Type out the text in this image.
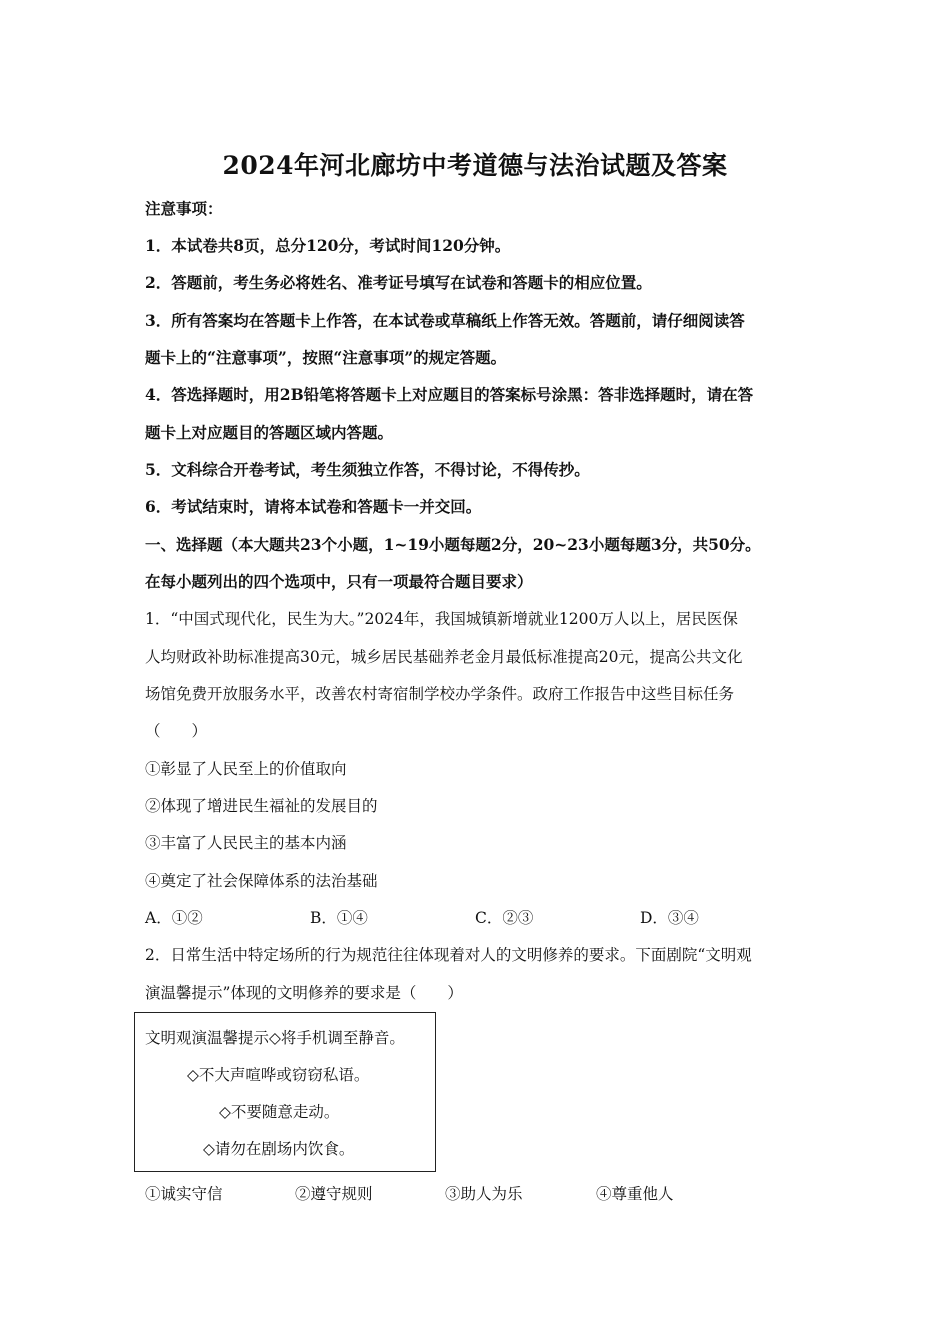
2024年河北廊坊中考道德与法治试题及答案
注意事项：
1．本试卷共8页，总分120分，考试时间120分钟。
2．答题前，考生务必将姓名、准考证号填写在试卷和答题卡的相应位置。
3．所有答案均在答题卡上作答，在本试卷或草稿纸上作答无效。答题前，请仔细阅读答
题卡上的“注意事项”，按照“注意事项”的规定答题。
4．答选择题时，用2B铅笔将答题卡上对应题目的答案标号涂黑：答非选择题时，请在答
题卡上对应题目的答题区域内答题。
5．文科综合开卷考试，考生须独立作答，不得讨论，不得传抄。
6．考试结束时，请将本试卷和答题卡一并交回。
一、选择题（本大题共23个小题，1~19小题每题2分，20~23小题每题3分，共50分。
在每小题列出的四个选项中，只有一项最符合题目要求）
1．“中国式现代化，民生为大。”2024年，我国城镇新增就业1200万人以上，居民医保
人均财政补助标准提高30元，城乡居民基础养老金月最低标准提高20元，提高公共文化
场馆免费开放服务水平，改善农村寄宿制学校办学条件。政府工作报告中这些目标任务
（　　）
①彰显了人民至上的价值取向
②体现了增进民生福祉的发展目的
③丰富了人民民主的基本内涵
④奠定了社会保障体系的法治基础
A．①②	B．①④	C．②③	D．③④
2．日常生活中特定场所的行为规范往往体现着对人的文明修养的要求。下面剧院“文明观
演温馨提示”体现的文明修养的要求是（　　）
文明观演温馨提示◇将手机调至静音。
◇不大声喧哗或窃窃私语。
◇不要随意走动。
◇请勿在剧场内饮食。
①诚实守信	②遵守规则	③助人为乐	④尊重他人
